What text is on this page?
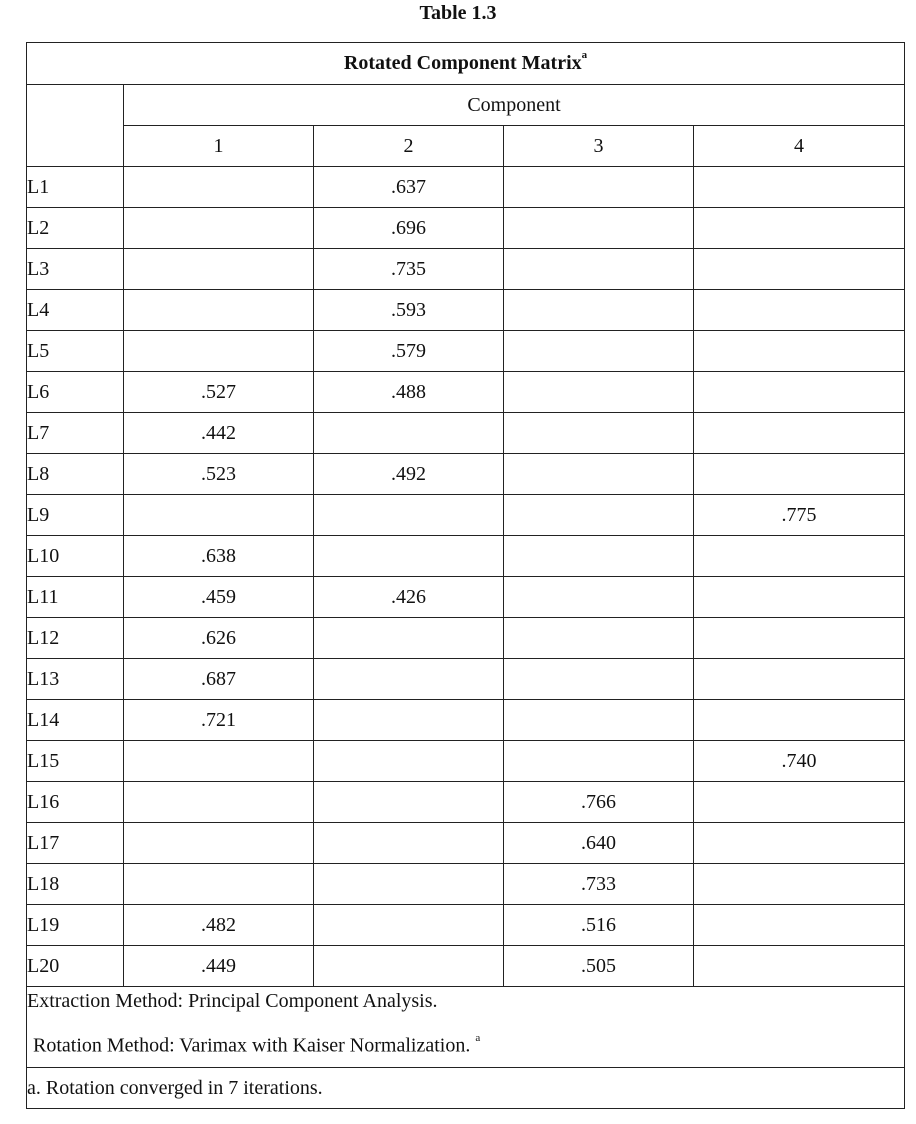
Table 1.3
Rotated Component Matrix$^a$
	Component			
	1	2	3	4
L1		.637		
L2		.696		
L3		.735		
L4		.593		
L5		.579		
L6	.527	.488		
L7	.442			
L8	.523	.492		
L9				.775
L10	.638			
L11	.459	.426		
L12	.626			
L13	.687			
L14	.721			
L15				.740
L16			.766	
L17			.640	
L18			.733	
L19	.482		.516	
L20	.449		.505	

Extraction Method: Principal Component Analysis.
Rotation Method: Varimax with Kaiser Normalization. $^a$

a. Rotation converged in 7 iterations.				
